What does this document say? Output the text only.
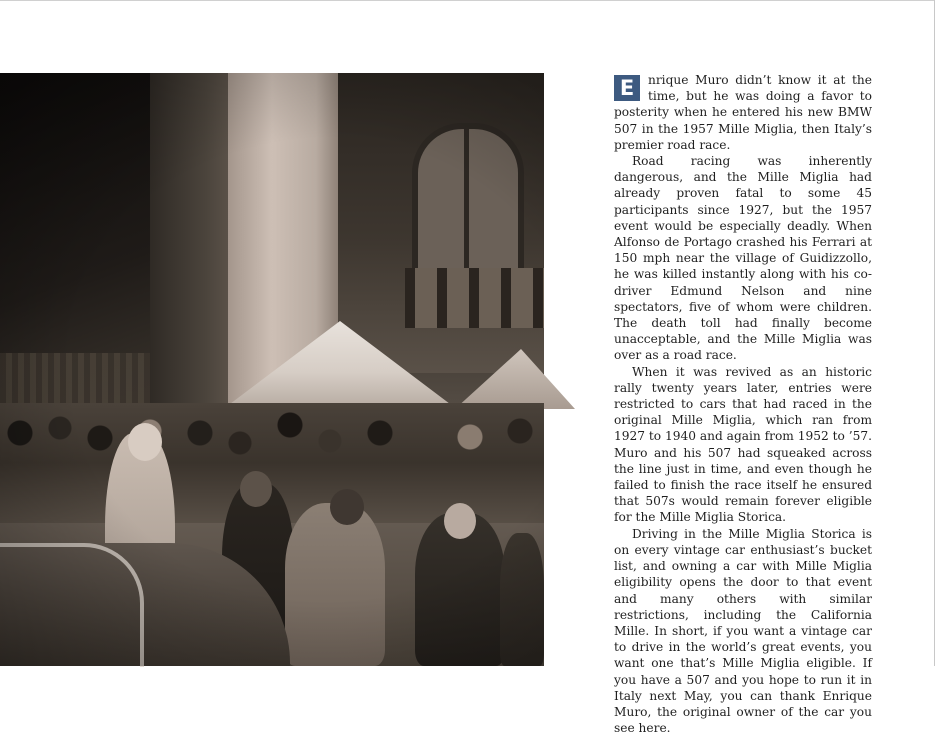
E	nrique Muro didn’t know it at the time, but he was doing a favor to posterity when he entered his new BMW 507 in the 1957 Mille Miglia, then Italy’s premier road race.

Road racing was inherently dangerous, and the Mille Miglia had already proven fatal to some 45 participants since 1927, but the 1957 event would be especially deadly. When Alfonso de Portago crashed his Ferrari at 150 mph near the village of Guidizzollo, he was killed instantly along with his co-driver Edmund Nelson and nine spectators, five of whom were children. The death toll had finally become unacceptable, and the Mille Miglia was over as a road race.

When it was revived as an historic rally twenty years later, entries were restricted to cars that had raced in the original Mille Miglia, which ran from 1927 to 1940 and again from 1952 to ’57. Muro and his 507 had squeaked across the line just in time, and even though he failed to finish the race itself he ensured that 507s would remain forever eligible for the Mille Miglia Storica.

Driving in the Mille Miglia Storica is on every vintage car enthusiast’s bucket list, and owning a car with Mille Miglia eligibility opens the door to that event and many others with similar restrictions, including the California Mille. In short, if you want a vintage car to drive in the world’s great events, you want one that’s Mille Miglia eligible. If you have a 507 and you hope to run it in Italy next May, you can thank Enrique Muro, the original owner of the car you see here.
